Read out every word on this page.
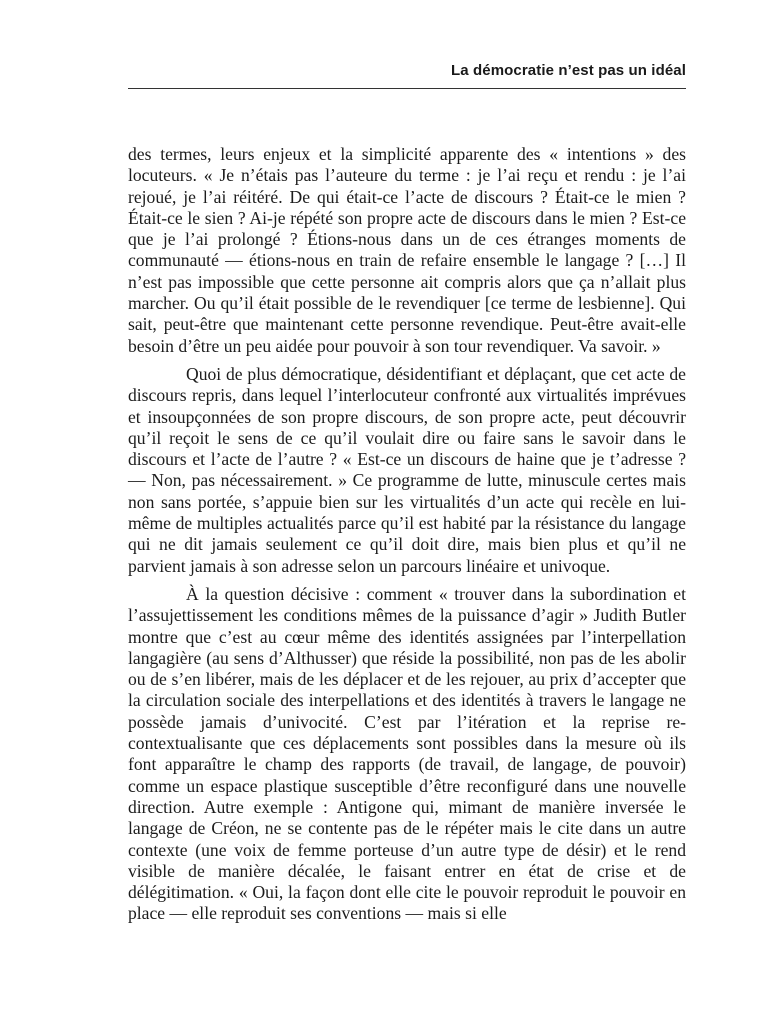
La démocratie n’est pas un idéal

des termes, leurs enjeux et la simplicité apparente des « intentions » des locuteurs. « Je n’étais pas l’auteure du terme : je l’ai reçu et rendu : je l’ai rejoué, je l’ai réitéré. De qui était-ce l’acte de discours ? Était-ce le mien ? Était-ce le sien ? Ai-je répété son propre acte de discours dans le mien ? Est-ce que je l’ai prolongé ? Étions-nous dans un de ces étranges moments de communauté — étions-nous en train de refaire ensemble le langage ? […] Il n’est pas impossible que cette personne ait compris alors que ça n’allait plus marcher. Ou qu’il était possible de le revendiquer [ce terme de lesbienne]. Qui sait, peut-être que maintenant cette personne revendique. Peut-être avait-elle besoin d’être un peu aidée pour pouvoir à son tour revendiquer. Va savoir. »

Quoi de plus démocratique, désidentifiant et déplaçant, que cet acte de discours repris, dans lequel l’interlocuteur confronté aux virtualités imprévues et insoupçonnées de son propre discours, de son propre acte, peut découvrir qu’il reçoit le sens de ce qu’il voulait dire ou faire sans le savoir dans le discours et l’acte de l’autre ? « Est-ce un discours de haine que je t’adresse ? — Non, pas nécessairement. » Ce programme de lutte, minuscule certes mais non sans portée, s’appuie bien sur les virtualités d’un acte qui recèle en lui-même de multiples actualités parce qu’il est habité par la résistance du langage qui ne dit jamais seulement ce qu’il doit dire, mais bien plus et qu’il ne parvient jamais à son adresse selon un parcours linéaire et univoque.

À la question décisive : comment « trouver dans la subordination et l’assujettissement les conditions mêmes de la puissance d’agir » Judith Butler montre que c’est au cœur même des identités assignées par l’interpellation langagière (au sens d’Althusser) que réside la possibilité, non pas de les abolir ou de s’en libérer, mais de les déplacer et de les rejouer, au prix d’accepter que la circulation sociale des interpellations et des identités à travers le langage ne possède jamais d’univocité. C’est par l’itération et la reprise re-contextualisante que ces déplacements sont possibles dans la mesure où ils font apparaître le champ des rapports (de travail, de langage, de pouvoir) comme un espace plastique susceptible d’être reconfiguré dans une nouvelle direction. Autre exemple : Antigone qui, mimant de manière inversée le langage de Créon, ne se contente pas de le répéter mais le cite dans un autre contexte (une voix de femme porteuse d’un autre type de désir) et le rend visible de manière décalée, le faisant entrer en état de crise et de délégitimation. « Oui, la façon dont elle cite le pouvoir reproduit le pouvoir en place — elle reproduit ses conventions — mais si elle
